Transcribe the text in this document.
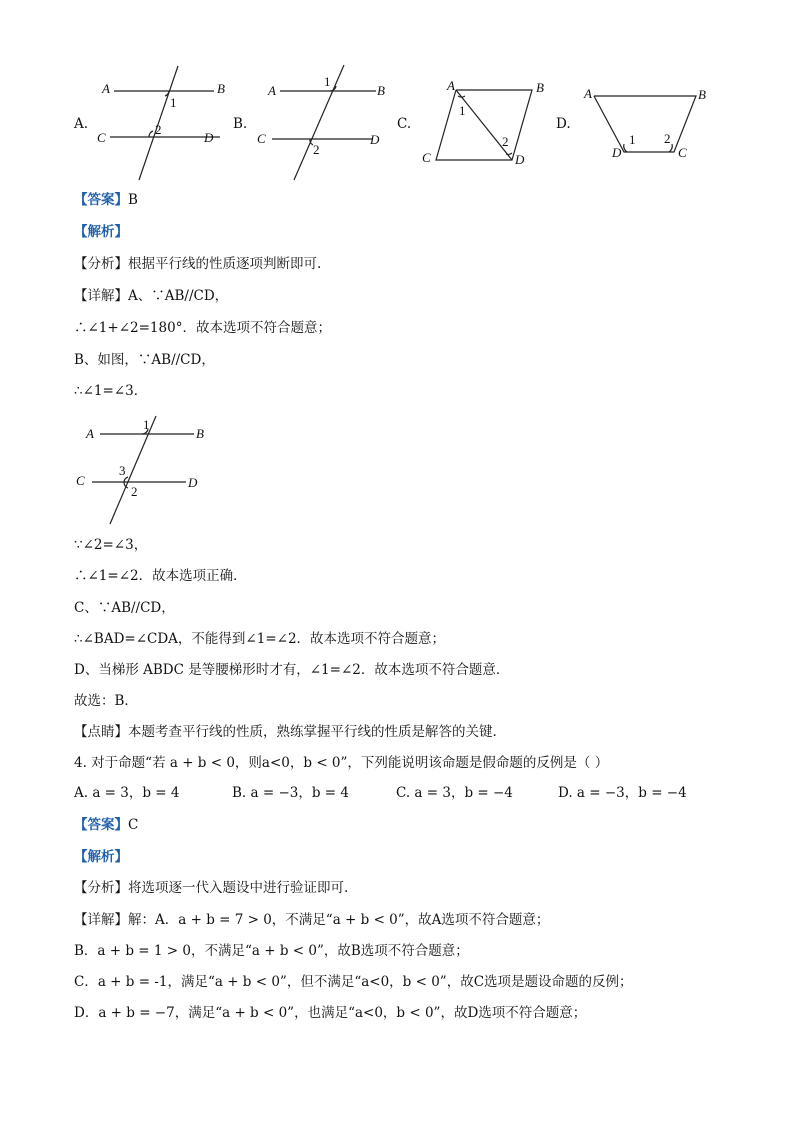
A.
A	B
C	D
1
2	B.
A	B
C	D
1
2
C.
A	B
C	D
1
2
D.
A	B
D	C
1 2
【答案】B
【解析】
【分析】根据平行线的性质逐项判断即可.
【详解】A、∵AB//CD，
∴∠1+∠2=180°．故本选项不符合题意；
B、如图，∵AB//CD，
∴∠1=∠3．
A	B
C	D
1
3
2
∵∠2=∠3，
∴∠1=∠2．故本选项正确．
C、∵AB//CD，
∴∠BAD=∠CDA，不能得到∠1=∠2．故本选项不符合题意；
D、当梯形 ABDC 是等腰梯形时才有，∠1=∠2．故本选项不符合题意．
故选：B．
【点睛】本题考查平行线的性质，熟练掌握平行线的性质是解答的关键.
4. 对于命题“若 a + b < 0，则a<0，b < 0”，下列能说明该命题是假命题的反例是（ ）
A. a = 3，b = 4	B. a = −3，b = 4	C. a = 3，b = −4	D. a = −3，b = −4
【答案】C
【解析】
【分析】将选项逐一代入题设中进行验证即可.
【详解】解：A．a + b = 7 > 0，不满足“a + b < 0”，故A选项不符合题意；
B．a + b = 1 > 0，不满足“a + b < 0”，故B选项不符合题意；
C．a + b = -1，满足“a + b < 0”，但不满足“a<0，b < 0”，故C选项是题设命题的反例；
D．a + b = −7，满足“a + b < 0”，也满足“a<0，b < 0”，故D选项不符合题意；
